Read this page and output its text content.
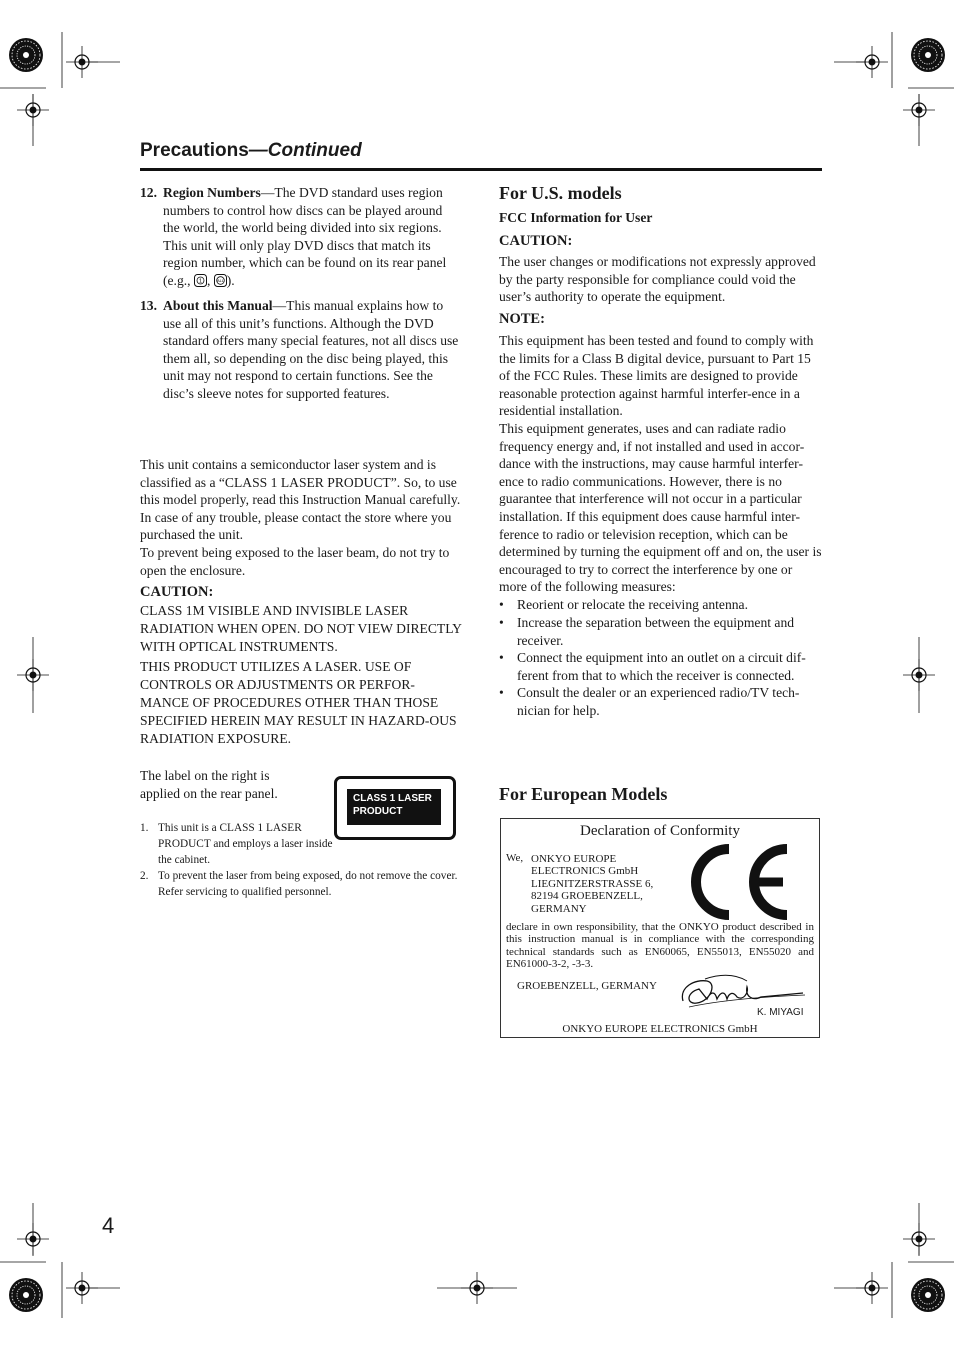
Precautions—Continued
12. Region Numbers—The DVD standard uses region numbers to control how discs can be played around the world, the world being divided into six regions. This unit will only play DVD discs that match its region number, which can be found on its rear panel (e.g., 1 , ALL ).
13. About this Manual—This manual explains how to use all of this unit’s functions. Although the DVD standard offers many special features, not all discs use them all, so depending on the disc being played, this unit may not respond to certain functions. See the disc’s sleeve notes for supported features.

This unit contains a semiconductor laser system and is classified as a “CLASS 1 LASER PRODUCT”. So, to use this model properly, read this Instruction Manual carefully. In case of any trouble, please contact the store where you purchased the unit.

To prevent being exposed to the laser beam, do not try to open the enclosure.

CAUTION:
CLASS 1M VISIBLE AND INVISIBLE LASER RADIATION WHEN OPEN. DO NOT VIEW DIRECTLY WITH OPTICAL INSTRUMENTS.
THIS PRODUCT UTILIZES A LASER. USE OF CONTROLS OR ADJUSTMENTS OR PERFOR-MANCE OF PROCEDURES OTHER THAN THOSE SPECIFIED HEREIN MAY RESULT IN HAZARD-OUS RADIATION EXPOSURE.

The label on the right is applied on the rear panel.	CLASS 1 LASER
PRODUCT
1. This unit is a CLASS 1 LASER PRODUCT and employs a laser inside the cabinet.
2. To prevent the laser from being exposed, do not remove the cover. Refer servicing to qualified personnel.
For U.S. models
FCC Information for User
CAUTION:

The user changes or modifications not expressly approved by the party responsible for compliance could void the user’s authority to operate the equipment.

NOTE:

This equipment has been tested and found to comply with the limits for a Class B digital device, pursuant to Part 15 of the FCC Rules. These limits are designed to provide reasonable protection against harmful interfer-ence in a residential installation.

This equipment generates, uses and can radiate radio frequency energy and, if not installed and used in accor-dance with the instructions, may cause harmful interfer-ence to radio communications. However, there is no guarantee that interference will not occur in a particular installation. If this equipment does cause harmful inter-ference to radio or television reception, which can be determined by turning the equipment off and on, the user is encouraged to try to correct the interference by one or more of the following measures:

• Reorient or relocate the receiving antenna.
• Increase the separation between the equipment and receiver.
• Connect the equipment into an outlet on a circuit dif-ferent from that to which the receiver is connected.
• Consult the dealer or an experienced radio/TV tech-nician for help.
For European Models
Declaration of Conformity
We, ONKYO EUROPE
ELECTRONICS GmbH
LIEGNITZERSTRASSE 6,
82194 GROEBENZELL,
GERMANY
declare in own responsibility, that the ONKYO product described in this instruction manual is in compliance with the corresponding technical standards such as EN60065, EN55013, EN55020 and EN61000-3-2, -3-3.
GROEBENZELL, GERMANY
K. MIYAGI
ONKYO EUROPE ELECTRONICS GmbH
4
